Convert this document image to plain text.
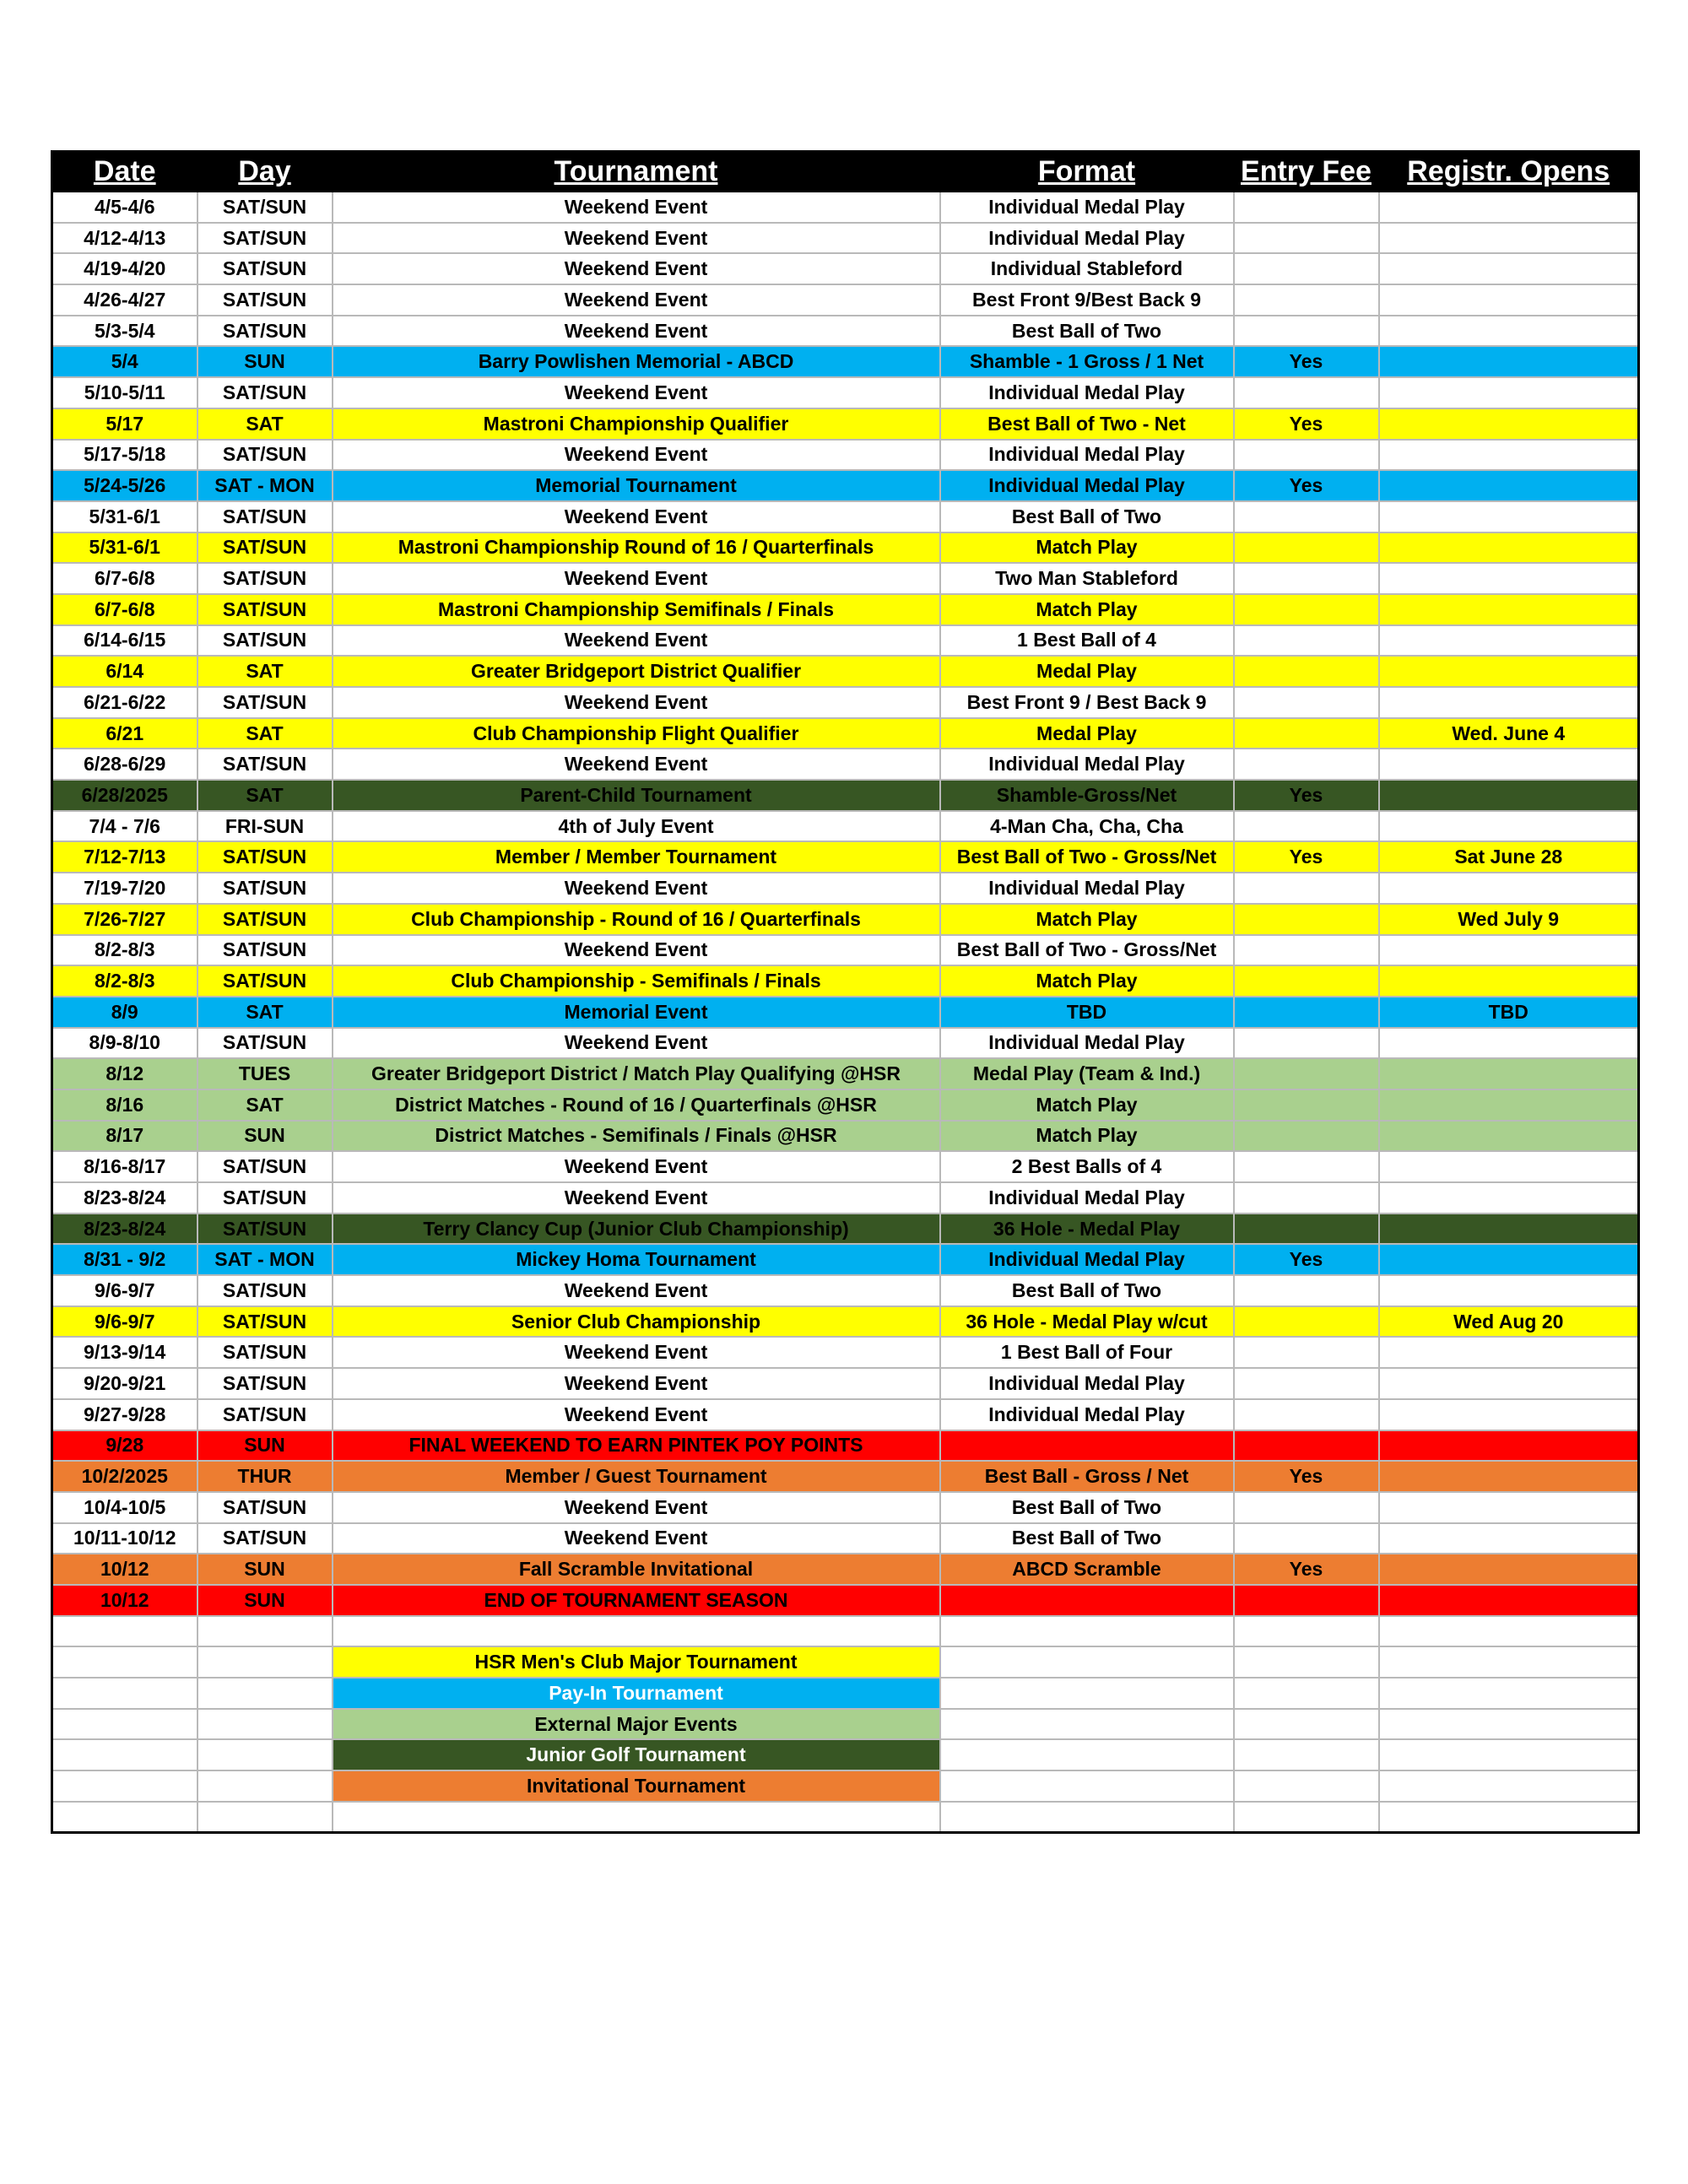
Date	Day	Tournament	Format	Entry Fee	Registr. Opens
4/5-4/6	SAT/SUN	Weekend Event	Individual Medal Play		
4/12-4/13	SAT/SUN	Weekend Event	Individual Medal Play		
4/19-4/20	SAT/SUN	Weekend Event	Individual Stableford		
4/26-4/27	SAT/SUN	Weekend Event	Best Front 9/Best Back 9		
5/3-5/4	SAT/SUN	Weekend Event	Best Ball of Two		
5/4	SUN	Barry Powlishen Memorial - ABCD	Shamble - 1 Gross / 1 Net	Yes	
5/10-5/11	SAT/SUN	Weekend Event	Individual Medal Play		
5/17	SAT	Mastroni Championship Qualifier	Best Ball of Two - Net	Yes	
5/17-5/18	SAT/SUN	Weekend Event	Individual Medal Play		
5/24-5/26	SAT - MON	Memorial Tournament	Individual Medal Play	Yes	
5/31-6/1	SAT/SUN	Weekend Event	Best Ball of Two		
5/31-6/1	SAT/SUN	Mastroni Championship Round of 16 / Quarterfinals	Match Play		
6/7-6/8	SAT/SUN	Weekend Event	Two Man Stableford		
6/7-6/8	SAT/SUN	Mastroni Championship Semifinals / Finals	Match Play		
6/14-6/15	SAT/SUN	Weekend Event	1 Best Ball of 4		
6/14	SAT	Greater Bridgeport District Qualifier	Medal Play		
6/21-6/22	SAT/SUN	Weekend Event	Best Front 9 / Best Back 9		
6/21	SAT	Club Championship Flight Qualifier	Medal Play		Wed. June 4
6/28-6/29	SAT/SUN	Weekend Event	Individual Medal Play		
6/28/2025	SAT	Parent-Child Tournament	Shamble-Gross/Net	Yes	
7/4 - 7/6	FRI-SUN	4th of July Event	4-Man Cha, Cha, Cha		
7/12-7/13	SAT/SUN	Member / Member Tournament	Best Ball of Two - Gross/Net	Yes	Sat June 28
7/19-7/20	SAT/SUN	Weekend Event	Individual Medal Play		
7/26-7/27	SAT/SUN	Club Championship - Round of 16 / Quarterfinals	Match Play		Wed July 9
8/2-8/3	SAT/SUN	Weekend Event	Best Ball of Two - Gross/Net		
8/2-8/3	SAT/SUN	Club Championship - Semifinals / Finals	Match Play		
8/9	SAT	Memorial Event	TBD		TBD
8/9-8/10	SAT/SUN	Weekend Event	Individual Medal Play		
8/12	TUES	Greater Bridgeport District / Match Play Qualifying @HSR	Medal Play (Team & Ind.)		
8/16	SAT	District Matches - Round of 16 / Quarterfinals @HSR	Match Play		
8/17	SUN	District Matches - Semifinals / Finals @HSR	Match Play		
8/16-8/17	SAT/SUN	Weekend Event	2 Best Balls of 4		
8/23-8/24	SAT/SUN	Weekend Event	Individual Medal Play		
8/23-8/24	SAT/SUN	Terry Clancy Cup (Junior Club Championship)	36 Hole - Medal Play		
8/31 - 9/2	SAT - MON	Mickey Homa Tournament	Individual Medal Play	Yes	
9/6-9/7	SAT/SUN	Weekend Event	Best Ball of Two		
9/6-9/7	SAT/SUN	Senior Club Championship	36 Hole - Medal Play w/cut		Wed Aug 20
9/13-9/14	SAT/SUN	Weekend Event	1 Best Ball of Four		
9/20-9/21	SAT/SUN	Weekend Event	Individual Medal Play		
9/27-9/28	SAT/SUN	Weekend Event	Individual Medal Play		
9/28	SUN	FINAL WEEKEND TO EARN PINTEK POY POINTS			
10/2/2025	THUR	Member / Guest Tournament	Best Ball - Gross / Net	Yes	
10/4-10/5	SAT/SUN	Weekend Event	Best Ball of Two		
10/11-10/12	SAT/SUN	Weekend Event	Best Ball of Two		
10/12	SUN	Fall Scramble Invitational	ABCD Scramble	Yes	
10/12	SUN	END OF TOURNAMENT SEASON			

		HSR Men's Club Major Tournament			
		Pay-In Tournament			
		External Major Events			
		Junior Golf Tournament			
		Invitational Tournament			
